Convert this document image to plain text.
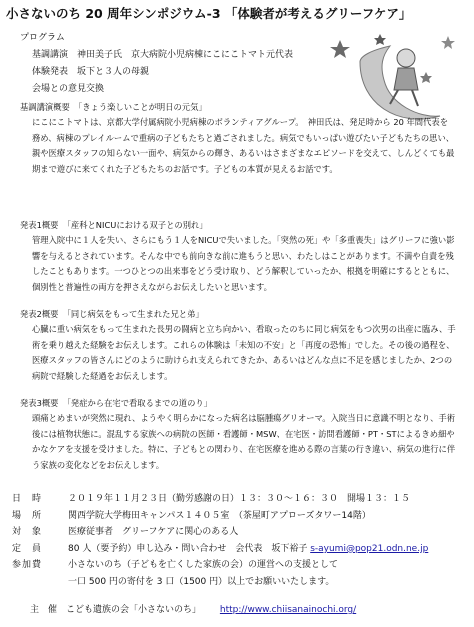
小さないのち 20 周年シンポジウム‐3 「体験者が考えるグリーフケア」
プログラム
基調講演　神田美子氏　京大病院小児病棟にこにこトマト元代表
体験発表　坂下と３人の母親
会場との意見交換
基調講演概要　「きょう楽しいことが明日の元気」
にこにこトマトは、京都大学付属病院小児病棟のボランティアグループ。　神田氏は、発足時から 20 年間代表を務め、病棟のプレイルームで重病の子どもたちと過ごされました。病気でもいっぱい遊びたい子どもたちの思い、親や医療スタッフの知らない一面や、病気からの輝き、あるいはさまざまなエピソードを交えて、しんどくても最期まで遊びに来てくれた子どもたちのお話です。子どもの本質が見えるお話です。
発表1概要　「産科とNICUにおける双子との別れ」
管理入院中に１人を失い、さらにもう１人をNICUで失いました。「突然の死」や「多重喪失」はグリーフに強い影響を与えるとされています。そんな中でも前向きな前に進もうと思い、わたしはことがあります。不満や自責を残したこともあります。一つひとつの出来事をどう受け取り、どう解釈していったか、根拠を明確にするとともに、個別性と普遍性の両方を押さえながらお伝えしたいと思います。
発表2概要　「同じ病気をもって生まれた兄と弟」
心臓に重い病気をもって生まれた長男の闘病と立ち向かい、看取ったのちに同じ病気をもつ次男の出産に臨み、手術を乗り越えた経験をお伝えします。これらの体験は「未知の不安」と「再度の恐怖」でした。その後の過程を、医療スタッフの皆さんにどのように助けられ支えられてきたか、あるいはどんな点に不足を感じましたか、2つの病院で経験した経過をお伝えします。
発表3概要　「発症から在宅で看取るまでの道のり」
頭痛とめまいが突然に現れ、ようやく明らかになった病名は脳腫瘍グリオーマ。入院当日に意識不明となり、手術後には植物状態に。混乱する家族への病院の医師・看護師・MSW、在宅医・訪問看護師・PT・STによるきめ細やかなケアを支援を受けました。特に、子どもとの関わり、在宅医療を進める際の言葉の行き違い、病気の進行に伴う家族の変化などをお伝えします。
日　時	２０１９年１１月２３日（勤労感謝の日）１３：３０～１６：３０　開場１３：１５
場　所	関西学院大学梅田キャンパス１４０５室　（茶屋町アプローズタワー14階）
対　象	医療従事者　グリーフケアに関心のある人
定　員	80 人（要予約）申し込み・問い合わせ　会代表　坂下裕子 s-ayumi@pop21.odn.ne.jp
参加費	小さないのち（子どもを亡くした家族の会）の運営への支援として
一口 500 円の寄付を 3 口（1500 円）以上でお願いいたします。
主　催　こども遺族の会「小さないのち」 http://www.chiisanainochi.org/
